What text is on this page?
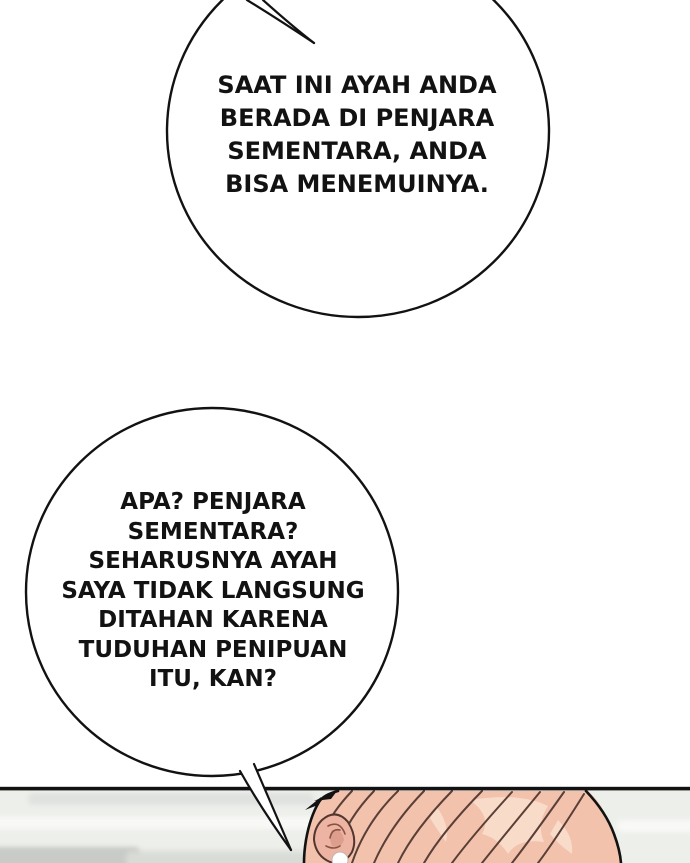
SAAT INI AYAH ANDA
BERADA DI PENJARA
SEMENTARA, ANDA
BISA MENEMUINYA.
APA? PENJARA
SEMENTARA?
SEHARUSNYA AYAH
SAYA TIDAK LANGSUNG
DITAHAN KARENA
TUDUHAN PENIPUAN
ITU, KAN?
